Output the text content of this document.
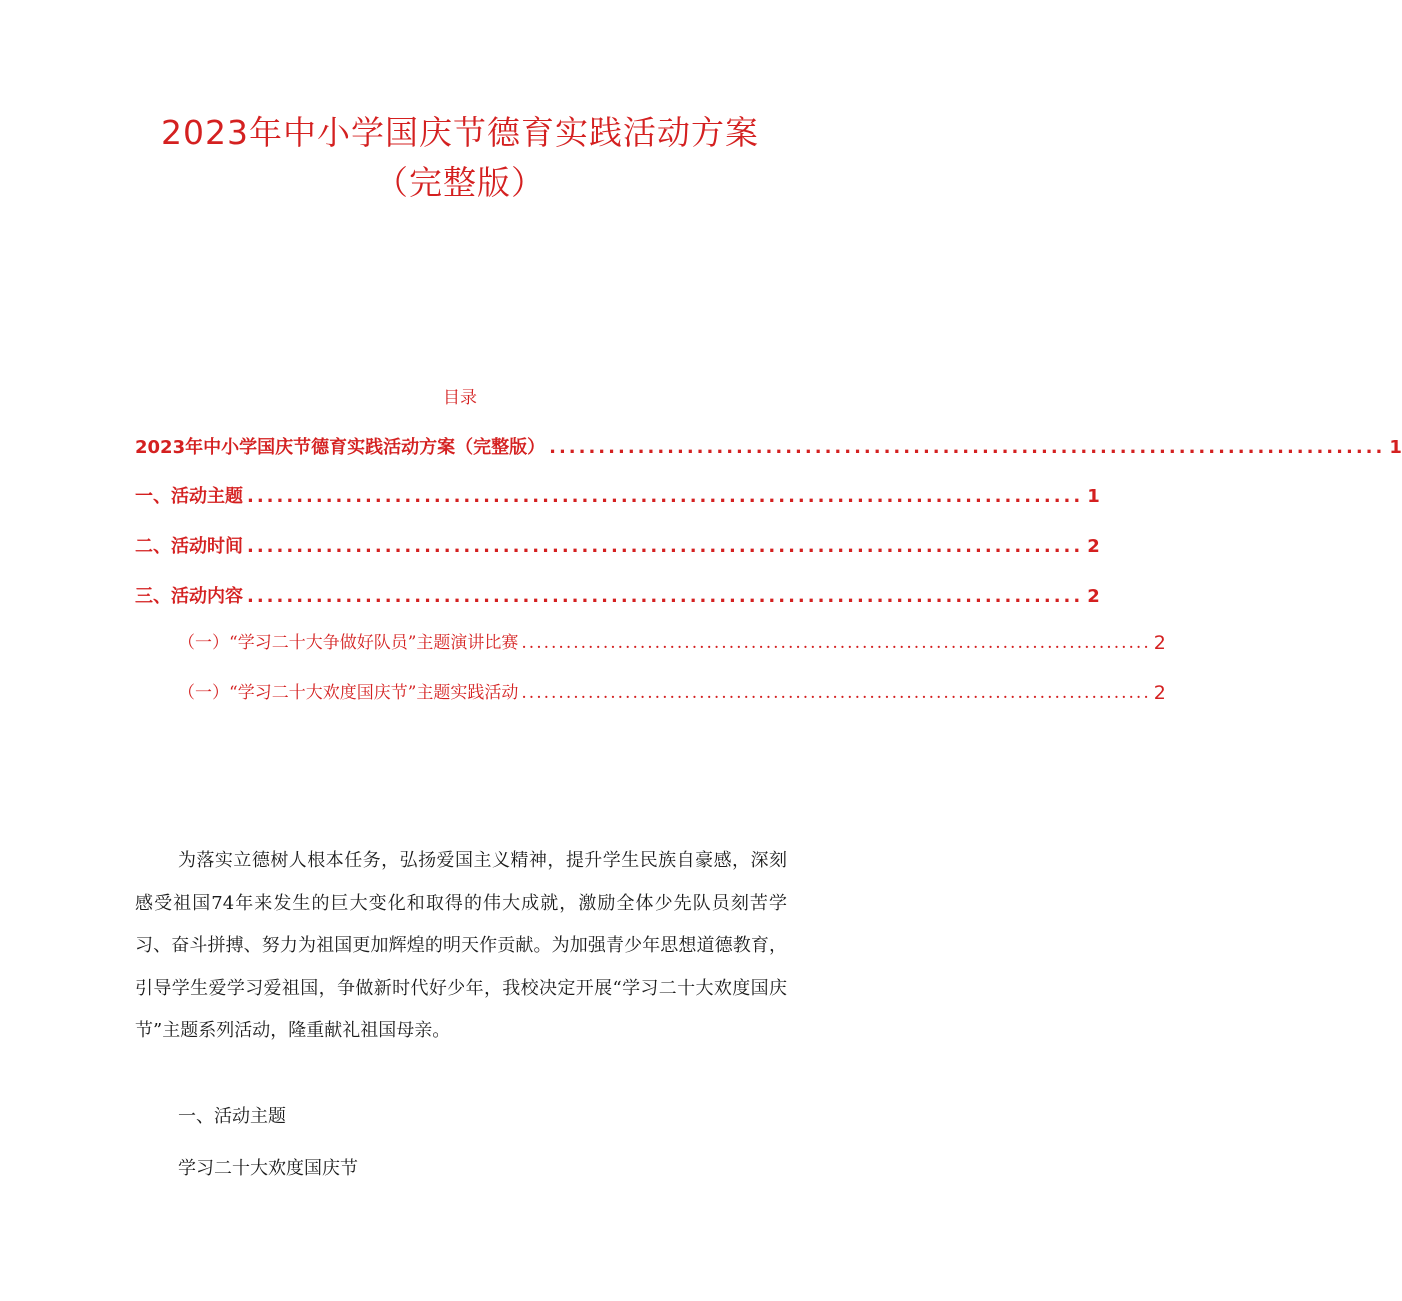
2023年中小学国庆节德育实践活动方案
（完整版）
目录
2023年中小学国庆节德育实践活动方案（完整版） ..................................................................................... 1
一、活动主题 ..................................................................................... 1
二、活动时间 ..................................................................................... 2
三、活动内容 ..................................................................................... 2
（一） “学习二十大 争做好队员”主题演讲比赛 ..................................................................................... 2
（一） “学习二十大 欢度国庆节”主题实践活动 ..................................................................................... 2

为落实立德树人根本任务，弘扬爱国主义精神，提升学生民族自豪感，深刻感受祖国74年来发生的巨大变化和取得的伟大成就，激励全体少先队员刻苦学习、奋斗拼搏、努力为祖国更加辉煌的明天作贡献。为加强青少年思想道德教育，引导学生爱学习爱祖国，争做新时代好少年，我校决定开展“学习二十大欢度国庆节”主题系列活动，隆重献礼祖国母亲。

一、活动主题

学习二十大欢度国庆节
